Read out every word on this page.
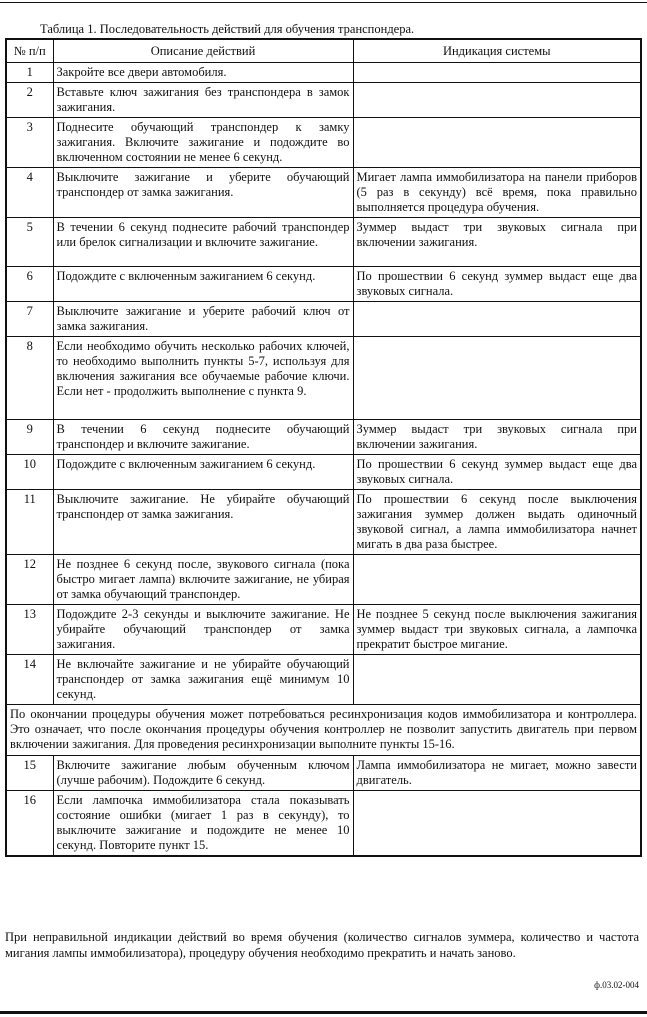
Таблица 1. Последовательность действий для обучения транспондера.
№ п/п	Описание действий	Индикация системы
1	Закройте все двери автомобиля.	
2	Вставьте ключ зажигания без транспондера в замок зажигания.	
3	Поднесите обучающий транспондер к замку зажигания. Включите зажигание и подождите во включенном состоянии не менее 6 секунд.	
4	Выключите зажигание и уберите обучающий транспондер от замка зажигания.	Мигает лампа иммобилизатора на панели приборов (5 раз в секунду) всё время, пока правильно выполняется процедура обучения.
5	В течении 6 секунд поднесите рабочий транспондер или брелок сигнализации и включите зажигание.	Зуммер выдаст три звуковых сигнала при включении зажигания.
6	Подождите с включенным зажиганием 6 секунд.	По прошествии 6 секунд зуммер выдаст еще два звуковых сигнала.
7	Выключите зажигание и уберите рабочий ключ от замка зажигания.	
8	Если необходимо обучить несколько рабочих ключей, то необходимо выполнить пункты 5-7, используя для включения зажигания все обучаемые рабочие ключи. Если нет - продолжить выполнение с пункта 9.	
9	В течении 6 секунд поднесите обучающий транспондер и включите зажигание.	Зуммер выдаст три звуковых сигнала при включении зажигания.
10	Подождите с включенным зажиганием 6 секунд.	По прошествии 6 секунд зуммер выдаст еще два звуковых сигнала.
11	Выключите зажигание. Не убирайте обучающий транспондер от замка зажигания.	По прошествии 6 секунд после выключения зажигания зуммер должен выдать одиночный звуковой сигнал, а лампа иммобилизатора начнет мигать в два раза быстрее.
12	Не позднее 6 секунд после, звукового сигнала (пока быстро мигает лампа) включите зажигание, не убирая от замка обучающий транспондер.	
13	Подождите 2-3 секунды и выключите зажигание. Не убирайте обучающий транспондер от замка зажигания.	Не позднее 5 секунд после выключения зажигания зуммер выдаст три звуковых сигнала, а лампочка прекратит быстрое мигание.
14	Не включайте зажигание и не убирайте обучающий транспондер от замка зажигания ещё минимум 10 секунд.	
По окончании процедуры обучения может потребоваться ресинхронизация кодов иммобилизатора и контроллера. Это означает, что после окончания процедуры обучения контроллер не позволит запустить двигатель при первом включении зажигания. Для проведения ресинхронизации выполните пункты 15-16.		
15	Включите зажигание любым обученным ключом (лучше рабочим). Подождите 6 секунд.	Лампа иммобилизатора не мигает, можно завести двигатель.
16	Если лампочка иммобилизатора стала показывать состояние ошибки (мигает 1 раз в секунду), то выключите зажигание и подождите не менее 10 секунд. Повторите пункт 15.	
При неправильной индикации действий во время обучения (количество сигналов зуммера, количество и частота мигания лампы иммобилизатора), процедуру обучения необходимо прекратить и начать заново.
ф.03.02-004
